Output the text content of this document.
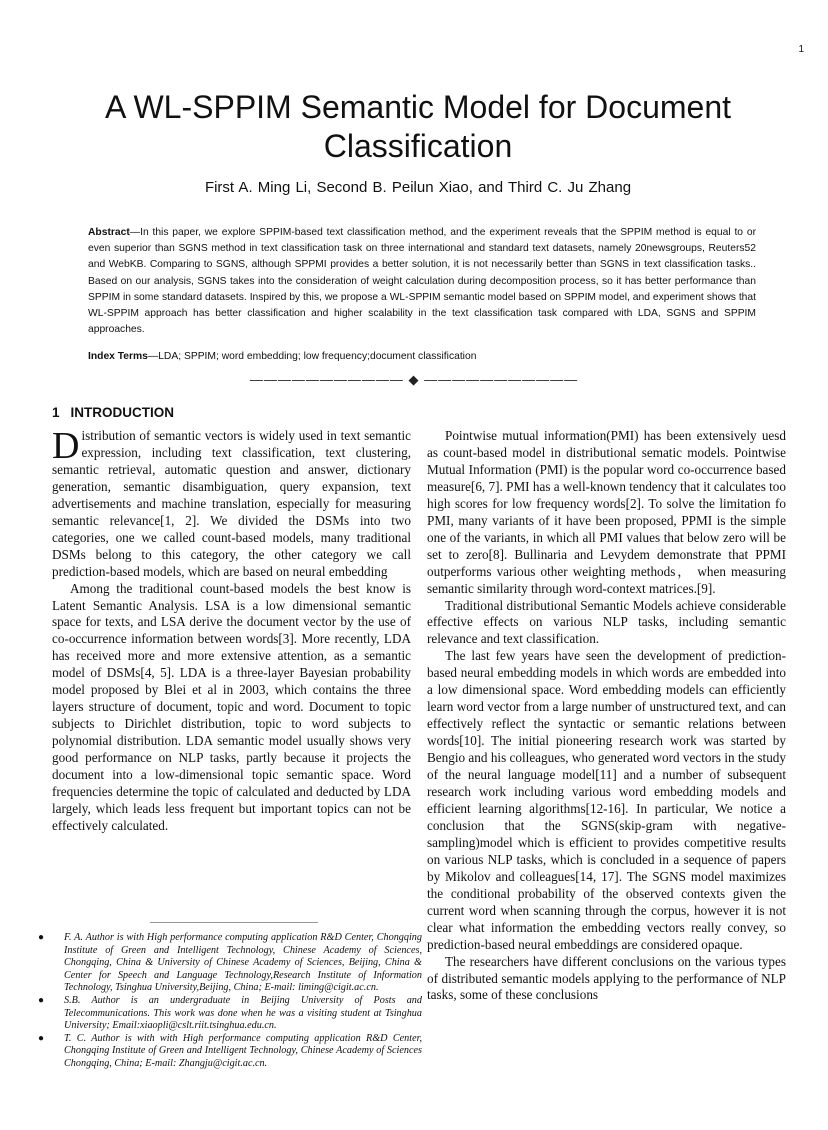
1
A WL-SPPIM Semantic Model for Document Classification
First A. Ming Li, Second B. Peilun Xiao, and Third C. Ju Zhang

Abstract—In this paper, we explore SPPIM-based text classification method, and the experiment reveals that the SPPIM method is equal to or even superior than SGNS method in text classification task on three international and standard text datasets, namely 20newsgroups, Reuters52 and WebKB. Comparing to SGNS, although SPPMI provides a better solution, it is not necessarily better than SGNS in text classification tasks.. Based on our analysis, SGNS takes into the consideration of weight calculation during decomposition process, so it has better performance than SPPIM in some standard datasets. Inspired by this, we propose a WL-SPPIM semantic model based on SPPIM model, and experiment shows that WL-SPPIM approach has better classification and higher scalability in the text classification task compared with LDA, SGNS and SPPIM approaches.

Index Terms—LDA; SPPIM; word embedding; low frequency;document classification

——————————— ◆ ———————————
1 INTRODUCTION

Distribution of semantic vectors is widely used in text semantic expression, including text classification, text clustering, semantic retrieval, automatic question and answer, dictionary generation, semantic disambiguation, query expansion, text advertisements and machine translation, especially for measuring semantic relevance[1, 2]. We divided the DSMs into two categories, one we called count-based models, many traditional DSMs belong to this category, the other category we call prediction-based models, which are based on neural embedding

Among the traditional count-based models the best know is Latent Semantic Analysis. LSA is a low dimensional semantic space for texts, and LSA derive the document vector by the use of co-occurrence information between words[3]. More recently, LDA has received more and more extensive attention, as a semantic model of DSMs[4, 5]. LDA is a three-layer Bayesian probability model proposed by Blei et al in 2003, which contains the three layers structure of document, topic and word. Document to topic subjects to Dirichlet distribution, topic to word subjects to polynomial distribution. LDA semantic model usually shows very good performance on NLP tasks, partly because it projects the document into a low-dimensional topic semantic space. Word frequencies determine the topic of calculated and deducted by LDA largely, which leads less frequent but important topics can not be effectively calculated.

Pointwise mutual information(PMI) has been extensively uesd as count-based model in distributional sematic models. Pointwise Mutual Information (PMI) is the popular word co-occurrence based measure[6, 7]. PMI has a well-known tendency that it calculates too high scores for low frequency words[2]. To solve the limitation fo PMI, many variants of it have been proposed, PPMI is the simple one of the variants, in which all PMI values that below zero will be set to zero[8]. Bullinaria and Levydem demonstrate that PPMI outperforms various other weighting methods， when measuring semantic similarity through word-context matrices.[9].

Traditional distributional Semantic Models achieve considerable effective effects on various NLP tasks, including semantic relevance and text classification.

The last few years have seen the development of prediction-based neural embedding models in which words are embedded into a low dimensional space. Word embedding models can efficiently learn word vector from a large number of unstructured text, and can effectively reflect the syntactic or semantic relations between words[10]. The initial pioneering research work was started by Bengio and his colleagues, who generated word vectors in the study of the neural language model[11] and a number of subsequent research work including various word embedding models and efficient learning algorithms[12-16]. In particular, We notice a conclusion that the SGNS(skip-gram with negative-sampling)model which is efficient to provides competitive results on various NLP tasks, which is concluded in a sequence of papers by Mikolov and colleagues[14, 17]. The SGNS model maximizes the conditional probability of the observed contexts given the current word when scanning through the corpus, however it is not clear what information the embedding vectors really convey, so prediction-based neural embeddings are considered opaque.

The researchers have different conclusions on the various types of distributed semantic models applying to the performance of NLP tasks, some of these conclusions

● F. A. Author is with High performance computing application R&D Center, Chongqing Institute of Green and Intelligent Technology, Chinese Academy of Sciences, Chongqing, China & University of Chinese Academy of Sciences, Beijing, China & Center for Speech and Language Technology,Research Institute of Information Technology, Tsinghua University,Beijing, China; E-mail: liming@cigit.ac.cn.
● S.B. Author is an undergraduate in Beijing University of Posts and Telecommunications. This work was done when he was a visiting student at Tsinghua University; Email:xiaopli@cslt.riit.tsinghua.edu.cn.
● T. C. Author is with with High performance computing application R&D Center, Chongqing Institute of Green and Intelligent Technology, Chinese Academy of Sciences Chongqing, China; E-mail: Zhangju@cigit.ac.cn.
